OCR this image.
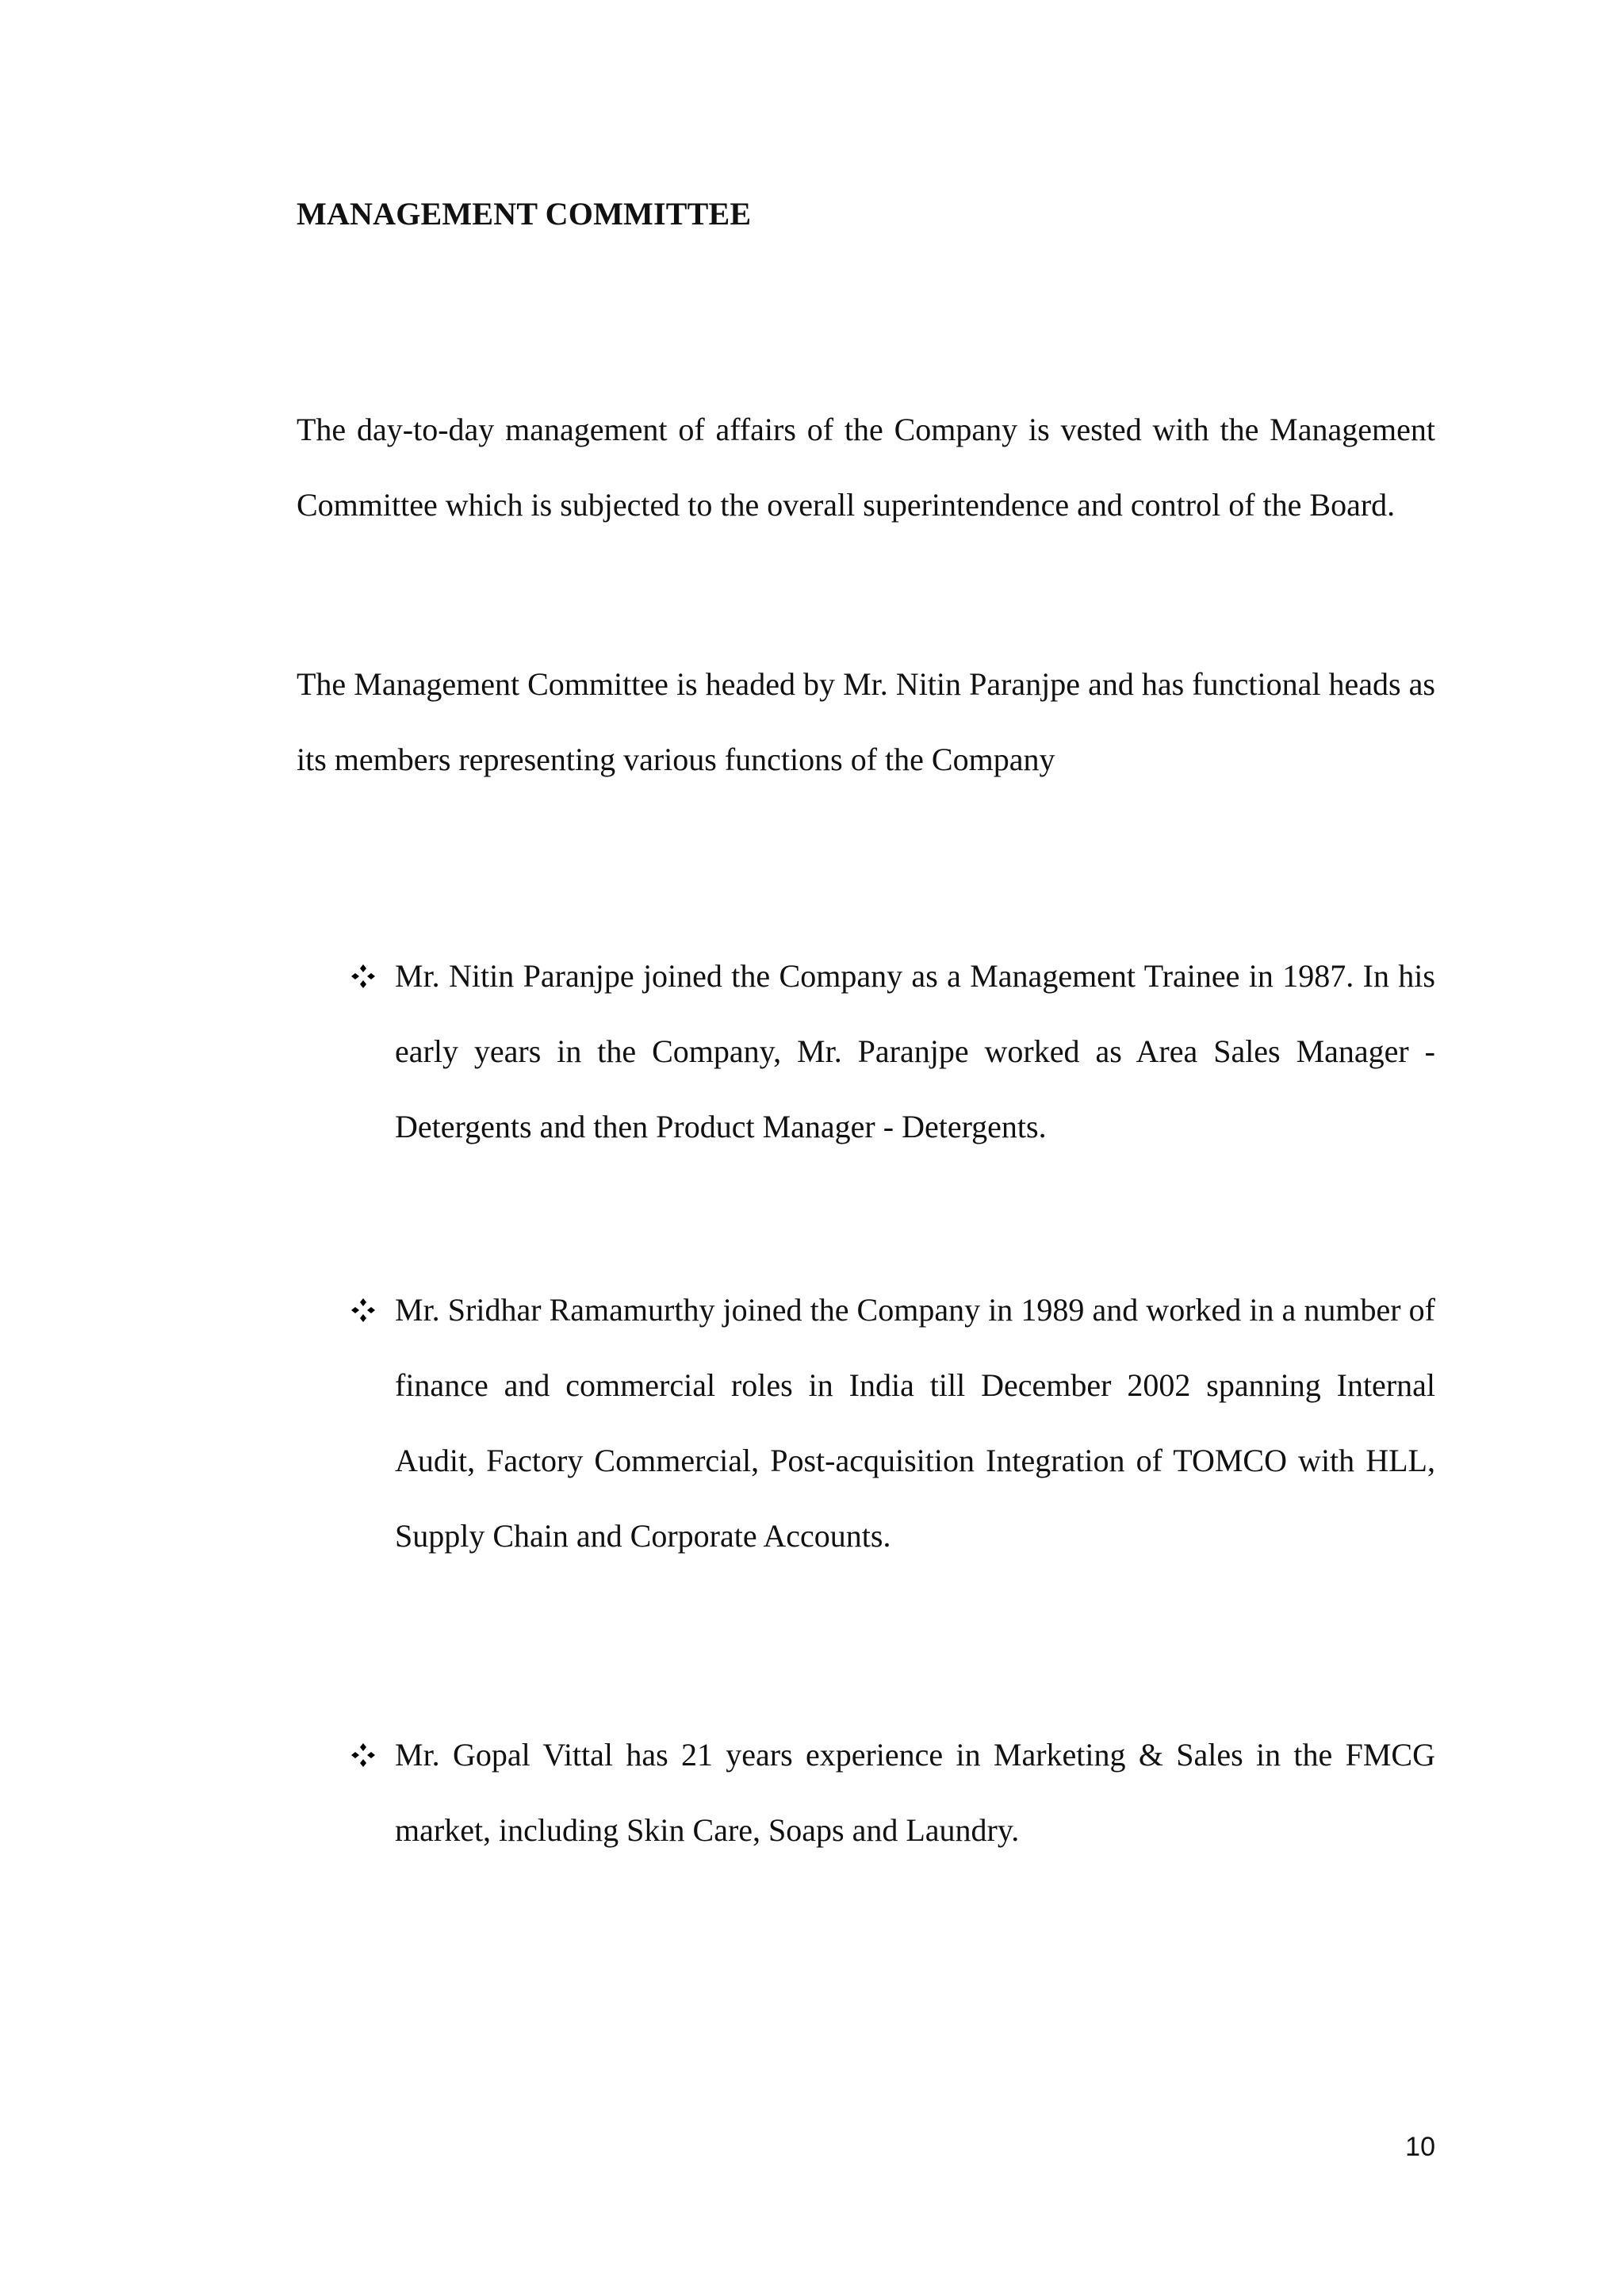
MANAGEMENT COMMITTEE

The day-to-day management of affairs of the Company is vested with the Management Committee which is subjected to the overall superintendence and control of the Board.

The Management Committee is headed by Mr. Nitin Paranjpe and has functional heads as its members representing various functions of the Company

Mr. Nitin Paranjpe joined the Company as a Management Trainee in 1987. In his early years in the Company, Mr. Paranjpe worked as Area Sales Manager - Detergents and then Product Manager - Detergents.

Mr. Sridhar Ramamurthy joined the Company in 1989 and worked in a number of finance and commercial roles in India till December 2002 spanning Internal Audit, Factory Commercial, Post-acquisition Integration of TOMCO with HLL, Supply Chain and Corporate Accounts.

Mr. Gopal Vittal has 21 years experience in Marketing & Sales in the FMCG market, including Skin Care, Soaps and Laundry.

10
